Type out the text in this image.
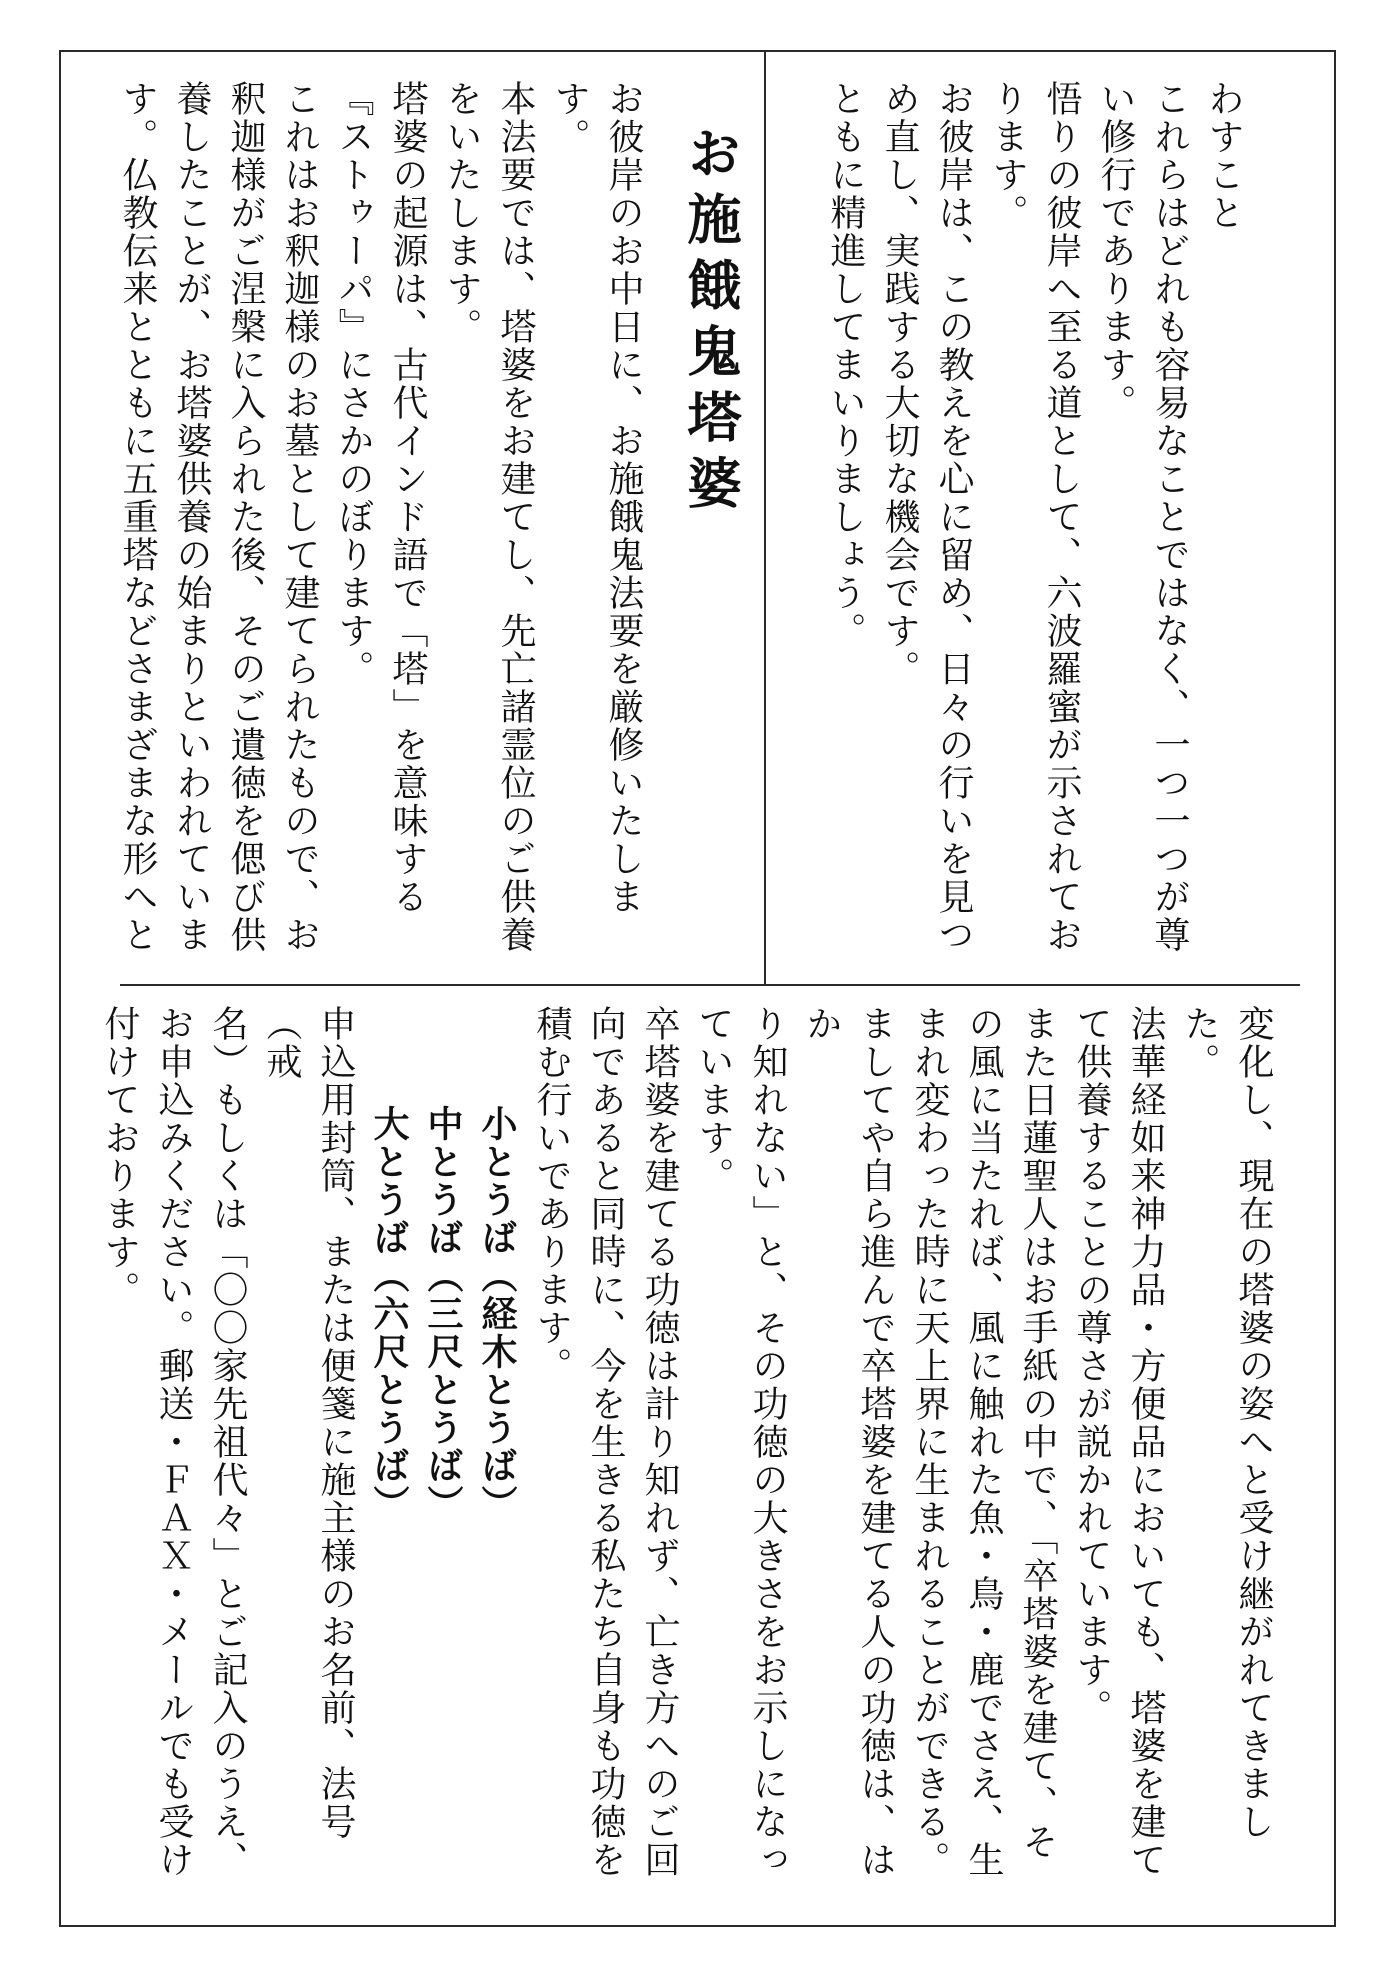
わすこと

これらはどれも容易なことではなく、一つ一つが尊

い修行であります。

悟りの彼岸へ至る道として、六波羅蜜が示されてお

ります。

お彼岸は、この教えを心に留め、日々の行いを見つ

め直し、実践する大切な機会です。

ともに精進してまいりましょう。

お施餓鬼塔婆

お彼岸のお中日に、お施餓鬼法要を厳修いたします。

本法要では、塔婆をお建てし、先亡諸霊位のご供養

をいたします。

塔婆の起源は、古代インド語で「塔」を意味する

『ストゥーパ』にさかのぼります。

これはお釈迦様のお墓として建てられたもので、お

釈迦様がご涅槃に入られた後、そのご遺徳を偲び供

養したことが、お塔婆供養の始まりといわれていま

す。仏教伝来とともに五重塔などさまざまな形へと

変化し、現在の塔婆の姿へと受け継がれてきました。

法華経如来神力品・方便品においても、塔婆を建て

て供養することの尊さが説かれています。

また日蓮聖人はお手紙の中で、「卒塔婆を建て、そ

の風に当たれば、風に触れた魚・鳥・鹿でさえ、生

まれ変わった時に天上界に生まれることができる。

ましてや自ら進んで卒塔婆を建てる人の功徳は、はか

り知れない」と、その功徳の大きさをお示しになっ

ています。

卒塔婆を建てる功徳は計り知れず、亡き方へのご回

向であると同時に、今を生きる私たち自身も功徳を

積む行いであります。

小とうば（経木とうば）

中とうば（三尺とうば）

大とうば（六尺とうば）

申込用封筒、または便箋に施主様のお名前、法号（戒

名）もしくは「〇〇家先祖代々」とご記入のうえ、

お申込みください。郵送・ＦＡＸ・メールでも受け

付けております。
